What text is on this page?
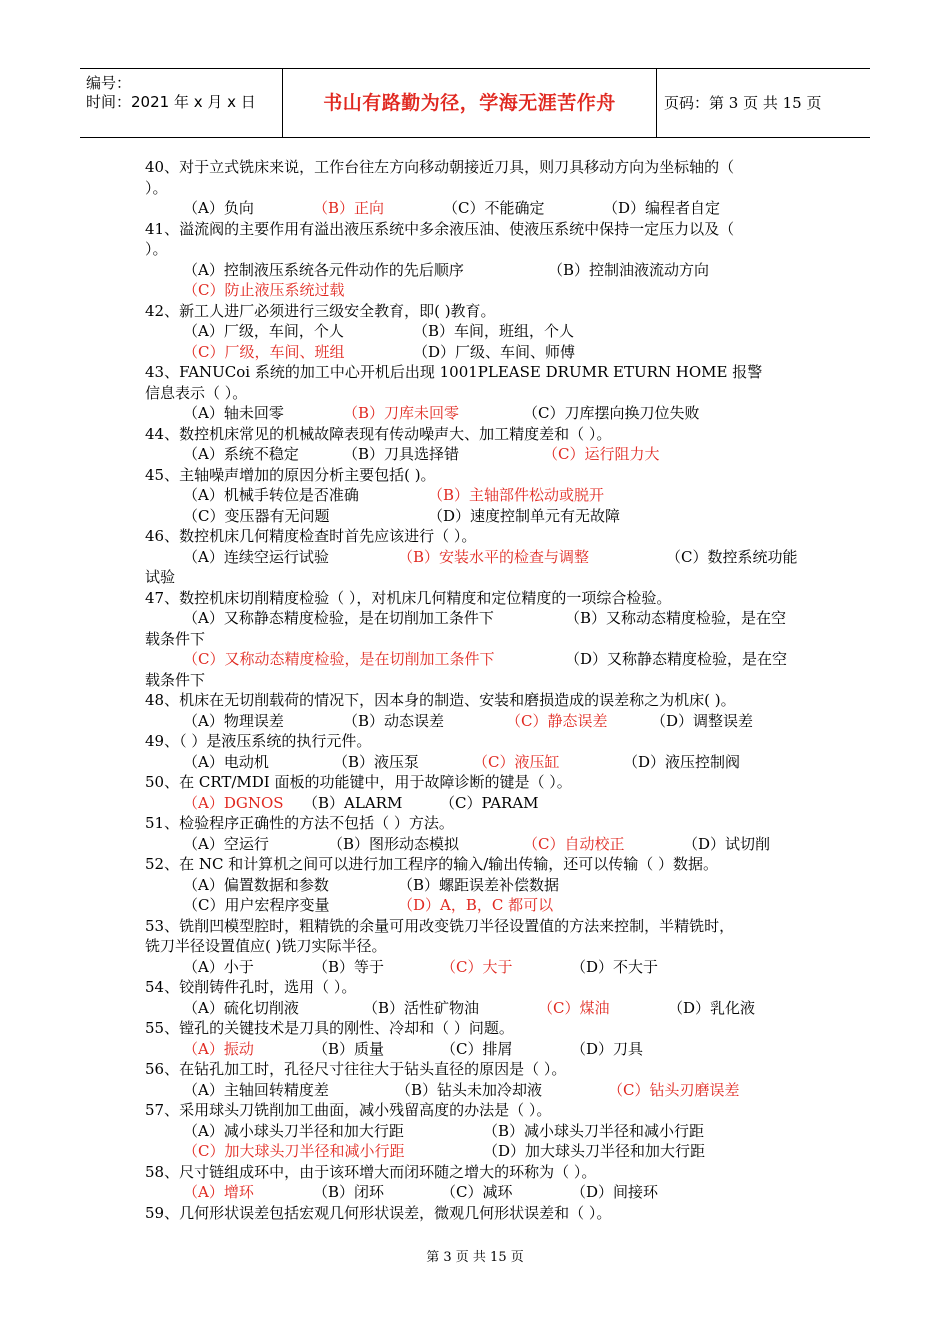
编号：
时间：2021 年 x 月 x 日	书山有路勤为径，学海无涯苦作舟	页码：第 3 页 共 15 页
40、对于立式铣床来说，工作台往左方向移动朝接近刀具，则刀具移动方向为坐标轴的（
）。
（A）负向	（B）正向	（C）不能确定	（D）编程者自定
41、溢流阀的主要作用有溢出液压系统中多余液压油、使液压系统中保持一定压力以及（
）。
（A）控制液压系统各元件动作的先后顺序	（B）控制油液流动方向
（C）防止液压系统过载
42、新工人进厂必须进行三级安全教育，即( )教育。
（A）厂级，车间，个人	（B）车间，班组，个人
（C）厂级，车间、班组	（D）厂级、车间、师傅
43、FANUCoi 系统的加工中心开机后出现 1001PLEASE DRUMR ETURN HOME 报警
信息表示（ ）。
（A）轴未回零	（B）刀库未回零	（C）刀库摆向换刀位失败
44、数控机床常见的机械故障表现有传动噪声大、加工精度差和（ ）。
（A）系统不稳定	（B）刀具选择错	（C）运行阻力大
45、主轴噪声增加的原因分析主要包括( )。
（A）机械手转位是否准确	（B）主轴部件松动或脱开
（C）变压器有无问题	（D）速度控制单元有无故障
46、数控机床几何精度检查时首先应该进行（ ）。
（A）连续空运行试验	（B）安装水平的检查与调整	（C）数控系统功能
试验
47、数控机床切削精度检验（ ），对机床几何精度和定位精度的一项综合检验。
（A）又称静态精度检验，是在切削加工条件下	（B）又称动态精度检验，是在空
载条件下
（C）又称动态精度检验，是在切削加工条件下	（D）又称静态精度检验，是在空
载条件下
48、机床在无切削载荷的情况下，因本身的制造、安装和磨损造成的误差称之为机床( )。
（A）物理误差	（B）动态误差	（C）静态误差	（D）调整误差
49、（ ）是液压系统的执行元件。
（A）电动机	（B）液压泵	（C）液压缸	（D）液压控制阀
50、在 CRT/MDI 面板的功能键中，用于故障诊断的键是（ ）。
（A）DGNOS （B）ALARM	（C）PARAM
51、检验程序正确性的方法不包括（ ）方法。
（A）空运行	（B）图形动态模拟	（C）自动校正	（D）试切削
52、在 NC 和计算机之间可以进行加工程序的输入/输出传输，还可以传输（ ）数据。
（A）偏置数据和参数	（B）螺距误差补偿数据
（C）用户宏程序变量	（D）A，B，C 都可以
53、铣削凹模型腔时，粗精铣的余量可用改变铣刀半径设置值的方法来控制，半精铣时，
铣刀半径设置值应( )铣刀实际半径。
（A）小于	（B）等于	（C）大于	（D）不大于
54、铰削铸件孔时，选用（ ）。
（A）硫化切削液	（B）活性矿物油	（C）煤油	（D）乳化液
55、镗孔的关键技术是刀具的刚性、冷却和（ ）问题。
（A）振动	（B）质量	（C）排屑	（D）刀具
56、在钻孔加工时，孔径尺寸往往大于钻头直径的原因是（ ）。
（A）主轴回转精度差	（B）钻头未加冷却液	（C）钻头刃磨误差
57、采用球头刀铣削加工曲面，减小残留高度的办法是（ ）。
（A）减小球头刀半径和加大行距	（B）减小球头刀半径和减小行距
（C）加大球头刀半径和减小行距	（D）加大球头刀半径和加大行距
58、尺寸链组成环中，由于该环增大而闭环随之增大的环称为（ ）。
（A）增环	（B）闭环	（C）减环	（D）间接环
59、几何形状误差包括宏观几何形状误差，微观几何形状误差和（ ）。
第 3 页 共 15 页
